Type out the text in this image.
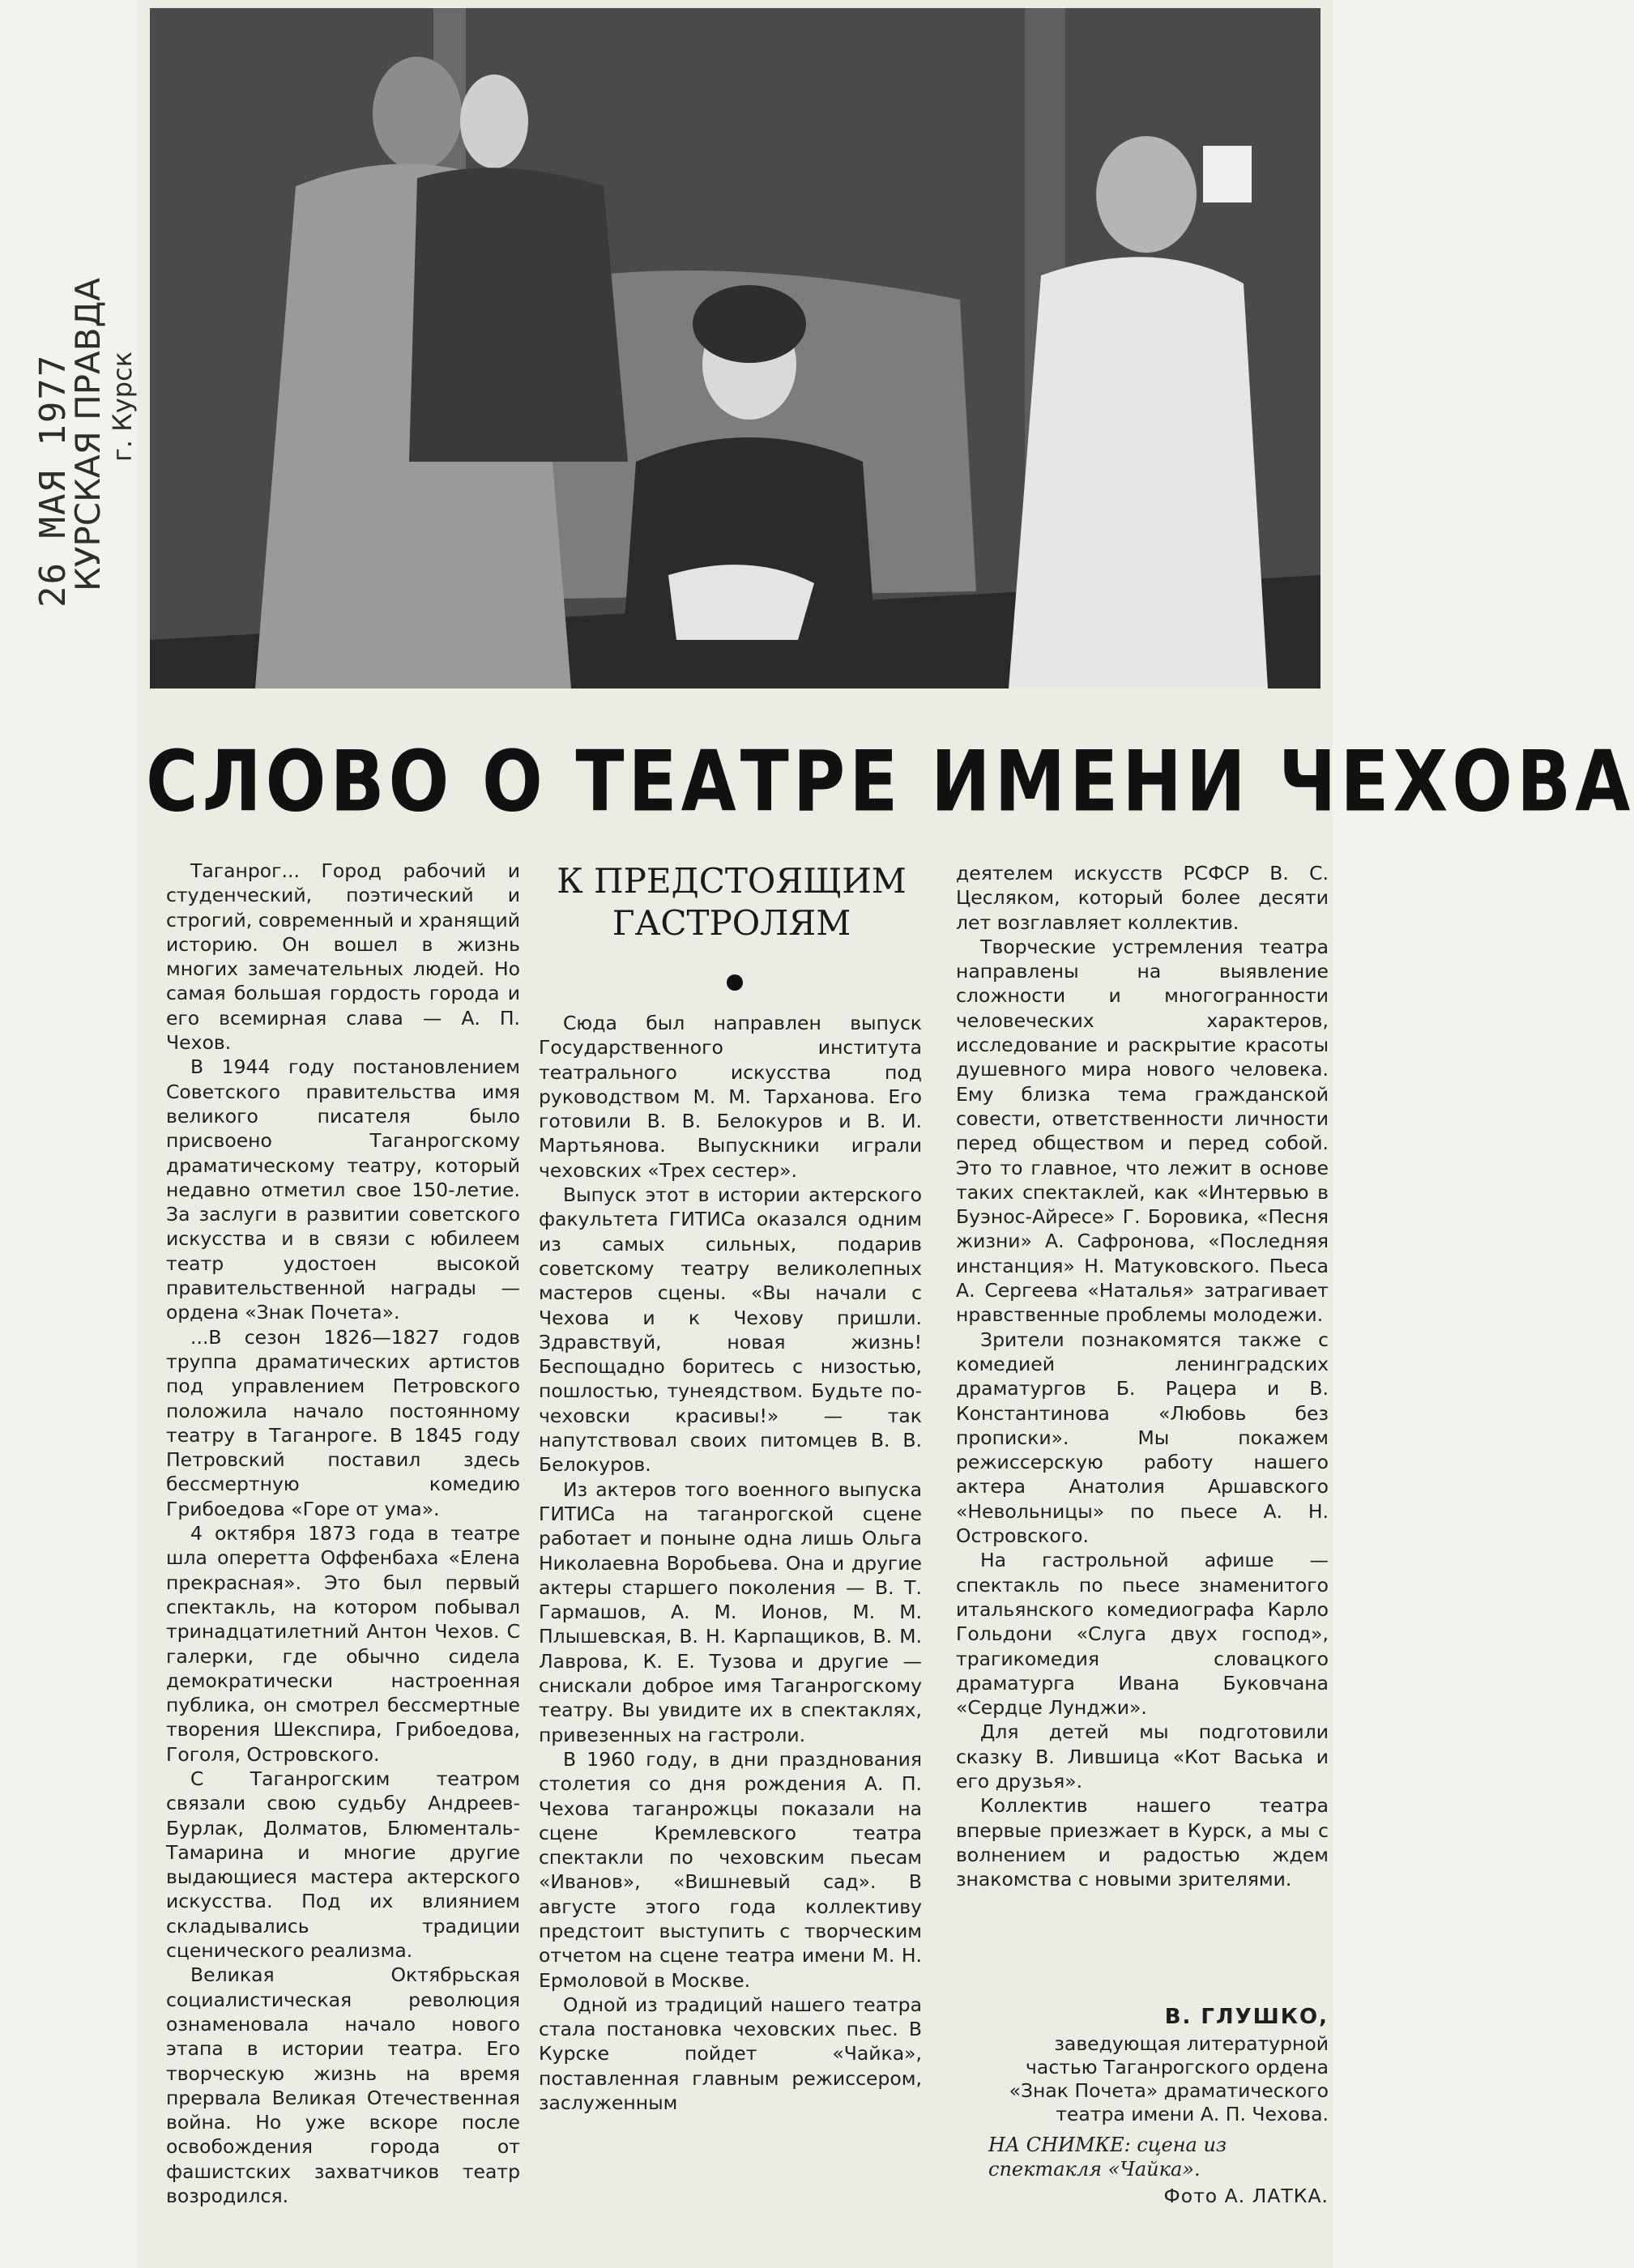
26 МАЯ 1977
КУРСКАЯ ПРАВДА г. Курск
СЛОВО О ТЕАТРЕ ИМЕНИ ЧЕХОВА

Таганрог... Город рабочий и студенческий, поэтический и строгий, современный и хранящий историю. Он вошел в жизнь многих замечательных людей. Но самая большая гордость города и его всемирная слава — А. П. Чехов.

В 1944 году постановлением Советского правительства имя великого писателя было присвоено Таганрогскому драматическому театру, который недавно отметил свое 150-летие. За заслуги в развитии советского искусства и в связи с юбилеем театр удостоен высокой правительственной награды — ордена «Знак Почета».

...В сезон 1826—1827 годов труппа драматических артистов под управлением Петровского положила начало постоянному театру в Таганроге. В 1845 году Петровский поставил здесь бессмертную комедию Грибоедова «Горе от ума».

4 октября 1873 года в театре шла оперетта Оффенбаха «Елена прекрасная». Это был первый спектакль, на котором побывал тринадцатилетний Антон Чехов. С галерки, где обычно сидела демократически настроенная публика, он смотрел бессмертные творения Шекспира, Грибоедова, Гоголя, Островского.

С Таганрогским театром связали свою судьбу Андреев-Бурлак, Долматов, Блюменталь-Тамарина и многие другие выдающиеся мастера актерского искусства. Под их влиянием складывались традиции сценического реализма.

Великая Октябрьская социалистическая революция ознаменовала начало нового этапа в истории театра. Его творческую жизнь на время прервала Великая Отечественная война. Но уже вскоре после освобождения города от фашистских захватчиков театр возродился.

К ПРЕДСТОЯЩИМ
ГАСТРОЛЯМ

Сюда был направлен выпуск Государственного института театрального искусства под руководством М. М. Тарханова. Его готовили В. В. Белокуров и В. И. Мартьянова. Выпускники играли чеховских «Трех сестер».

Выпуск этот в истории актерского факультета ГИТИСа оказался одним из самых сильных, подарив советскому театру великолепных мастеров сцены. «Вы начали с Чехова и к Чехову пришли. Здравствуй, новая жизнь! Беспощадно боритесь с низостью, пошлостью, тунеядством. Будьте по-чеховски красивы!» — так напутствовал своих питомцев В. В. Белокуров.

Из актеров того военного выпуска ГИТИСа на таганрогской сцене работает и поныне одна лишь Ольга Николаевна Воробьева. Она и другие актеры старшего поколения — В. Т. Гармашов, А. М. Ионов, М. М. Плышевская, В. Н. Карпащиков, В. М. Лаврова, К. Е. Тузова и другие — снискали доброе имя Таганрогскому театру. Вы увидите их в спектаклях, привезенных на гастроли.

В 1960 году, в дни празднования столетия со дня рождения А. П. Чехова таганрожцы показали на сцене Кремлевского театра спектакли по чеховским пьесам «Иванов», «Вишневый сад». В августе этого года коллективу предстоит выступить с творческим отчетом на сцене театра имени М. Н. Ермоловой в Москве.

Одной из традиций нашего театра стала постановка чеховских пьес. В Курске пойдет «Чайка», поставленная главным режиссером, заслуженным

деятелем искусств РСФСР В. С. Цесляком, который более десяти лет возглавляет коллектив.

Творческие устремления театра направлены на выявление сложности и многогранности человеческих характеров, исследование и раскрытие красоты душевного мира нового человека. Ему близка тема гражданской совести, ответственности личности перед обществом и перед собой. Это то главное, что лежит в основе таких спектаклей, как «Интервью в Буэнос-Айресе» Г. Боровика, «Песня жизни» А. Сафронова, «Последняя инстанция» Н. Матуковского. Пьеса А. Сергеева «Наталья» затрагивает нравственные проблемы молодежи.

Зрители познакомятся также с комедией ленинградских драматургов Б. Рацера и В. Константинова «Любовь без прописки». Мы покажем режиссерскую работу нашего актера Анатолия Аршавского «Невольницы» по пьесе А. Н. Островского.

На гастрольной афише — спектакль по пьесе знаменитого итальянского комедиографа Карло Гольдони «Слуга двух господ», трагикомедия словацкого драматурга Ивана Буковчана «Сердце Лунджи».

Для детей мы подготовили сказку В. Лившица «Кот Васька и его друзья».

Коллектив нашего театра впервые приезжает в Курск, а мы с волнением и радостью ждем знакомства с новыми зрителями.

В. ГЛУШКО,
заведующая литературной частью Таганрогского ордена «Знак Почета» драматического театра имени А. П. Чехова.
НА СНИМКЕ: сцена из спектакля «Чайка».
Фото А. ЛАТКА.
